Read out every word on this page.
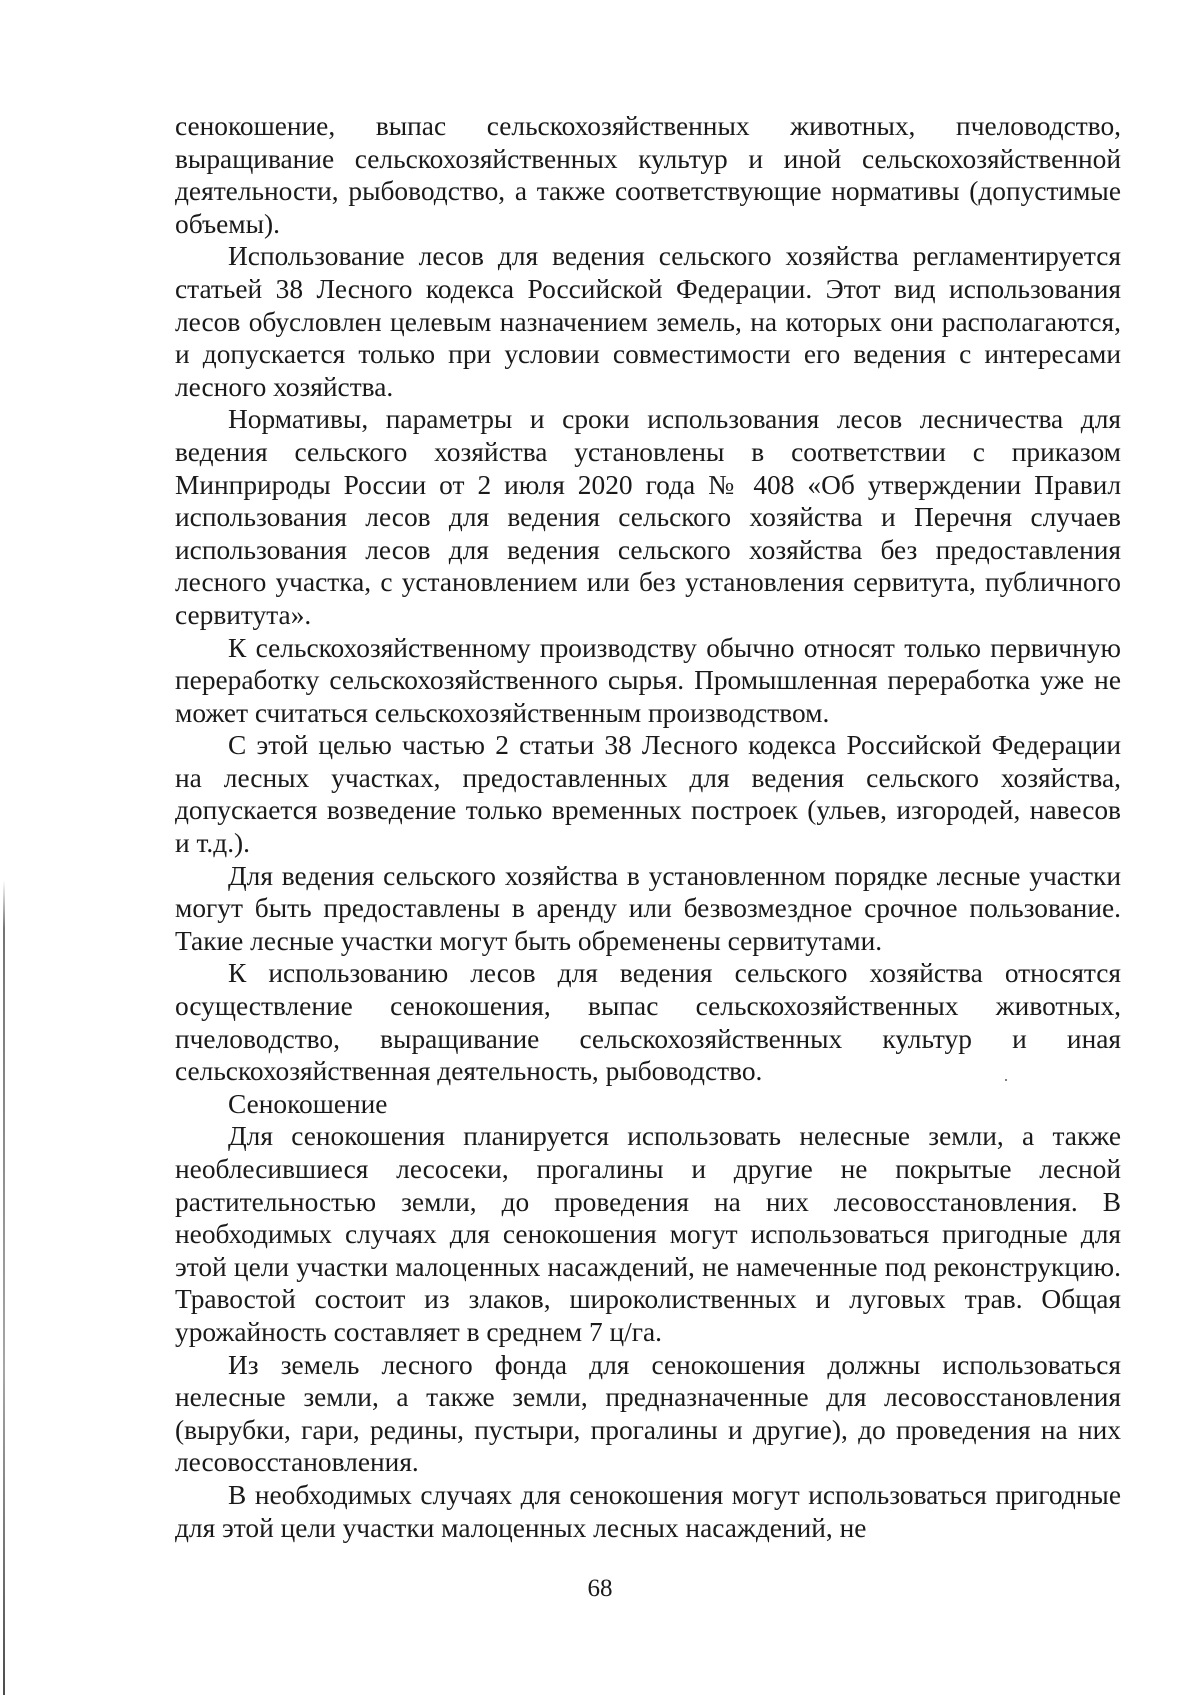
сенокошение, выпас сельскохозяйственных животных, пчеловодство, выращивание сельскохозяйственных культур и иной сельскохозяйственной деятельности, рыбоводство, а также соответствующие нормативы (допустимые объемы).

Использование лесов для ведения сельского хозяйства регламентируется статьей 38 Лесного кодекса Российской Федерации. Этот вид использования лесов обусловлен целевым назначением земель, на которых они располагаются, и допускается только при условии совместимости его ведения с интересами лесного хозяйства.

Нормативы, параметры и сроки использования лесов лесничества для ведения сельского хозяйства установлены в соответствии с приказом Минприроды России от 2 июля 2020 года № 408 «Об утверждении Правил использования лесов для ведения сельского хозяйства и Перечня случаев использования лесов для ведения сельского хозяйства без предоставления лесного участка, с установлением или без установления сервитута, публичного сервитута».

К сельскохозяйственному производству обычно относят только первичную переработку сельскохозяйственного сырья. Промышленная переработка уже не может считаться сельскохозяйственным производством.

С этой целью частью 2 статьи 38 Лесного кодекса Российской Федерации на лесных участках, предоставленных для ведения сельского хозяйства, допускается возведение только временных построек (ульев, изгородей, навесов и т.д.).

Для ведения сельского хозяйства в установленном порядке лесные участки могут быть предоставлены в аренду или безвозмездное срочное пользование. Такие лесные участки могут быть обременены сервитутами.

К использованию лесов для ведения сельского хозяйства относятся осуществление сенокошения, выпас сельскохозяйственных животных, пчеловодство, выращивание сельскохозяйственных культур и иная сельскохозяйственная деятельность, рыбоводство.

Сенокошение

Для сенокошения планируется использовать нелесные земли, а также необлесившиеся лесосеки, прогалины и другие не покрытые лесной растительностью земли, до проведения на них лесовосстановления. В необходимых случаях для сенокошения могут использоваться пригодные для этой цели участки малоценных насаждений, не намеченные под реконструкцию. Травостой состоит из злаков, широколиственных и луговых трав. Общая урожайность составляет в среднем 7 ц/га.

Из земель лесного фонда для сенокошения должны использоваться нелесные земли, а также земли, предназначенные для лесовосстановления (вырубки, гари, редины, пустыри, прогалины и другие), до проведения на них лесовосстановления.

В необходимых случаях для сенокошения могут использоваться пригодные для этой цели участки малоценных лесных насаждений, не

68
